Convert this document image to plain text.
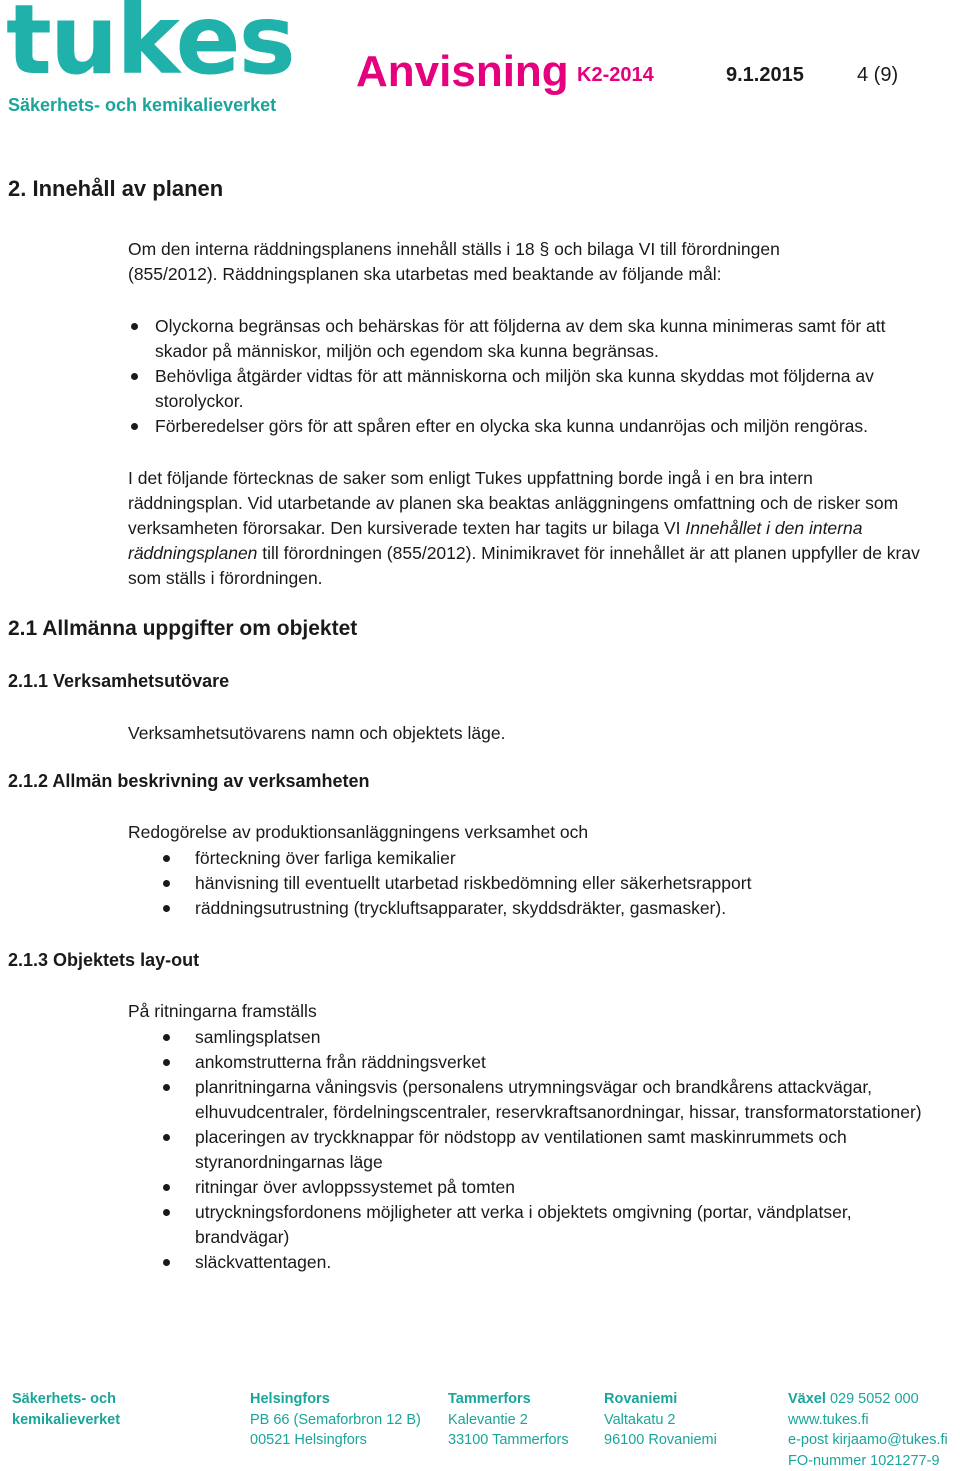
tukes
Säkerhets- och kemikalieverket
Anvisning K2-2014	9.1.2015	4 (9)
2. Innehåll av planen

Om den interna räddningsplanens innehåll ställs i 18 § och bilaga VI till förordningen
(855/2012). Räddningsplanen ska utarbetas med beaktande av följande mål:

Olyckorna begränsas och behärskas för att följderna av dem ska kunna minimeras samt för att skador på människor, miljön och egendom ska kunna begränsas.
Behövliga åtgärder vidtas för att människorna och miljön ska kunna skyddas mot följderna av storolyckor.
Förberedelser görs för att spåren efter en olycka ska kunna undanröjas och miljön rengöras.

I det följande förtecknas de saker som enligt Tukes uppfattning borde ingå i en bra intern räddningsplan. Vid utarbetande av planen ska beaktas anläggningens omfattning och de risker som verksamheten förorsakar. Den kursiverade texten har tagits ur bilaga VI Innehållet i den interna räddningsplanen till förordningen (855/2012). Minimikravet för innehållet är att planen uppfyller de krav som ställs i förordningen.

2.1 Allmänna uppgifter om objektet
2.1.1 Verksamhetsutövare

Verksamhetsutövarens namn och objektets läge.

2.1.2 Allmän beskrivning av verksamheten

Redogörelse av produktionsanläggningens verksamhet och

förteckning över farliga kemikalier
hänvisning till eventuellt utarbetad riskbedömning eller säkerhetsrapport
räddningsutrustning (tryckluftsapparater, skyddsdräkter, gasmasker).
2.1.3 Objektets lay-out

På ritningarna framställs

samlingsplatsen
ankomstrutterna från räddningsverket
planritningarna våningsvis (personalens utrymningsvägar och brandkårens attackvägar, elhuvudcentraler, fördelningscentraler, reservkraftsanordningar, hissar, transformatorstationer)
placeringen av tryckknappar för nödstopp av ventilationen samt maskinrummets och styranordningarnas läge
ritningar över avloppssystemet på tomten
utryckningsfordonens möjligheter att verka i objektets omgivning (portar, vändplatser, brandvägar)
släckvattentagen.
Säkerhets- och
kemikalieverket
Helsingfors
PB 66 (Semaforbron 12 B)
00521 Helsingfors
Tammerfors
Kalevantie 2
33100 Tammerfors
Rovaniemi
Valtakatu 2
96100 Rovaniemi
Växel 029 5052 000
www.tukes.fi
e-post kirjaamo@tukes.fi
FO-nummer 1021277-9
